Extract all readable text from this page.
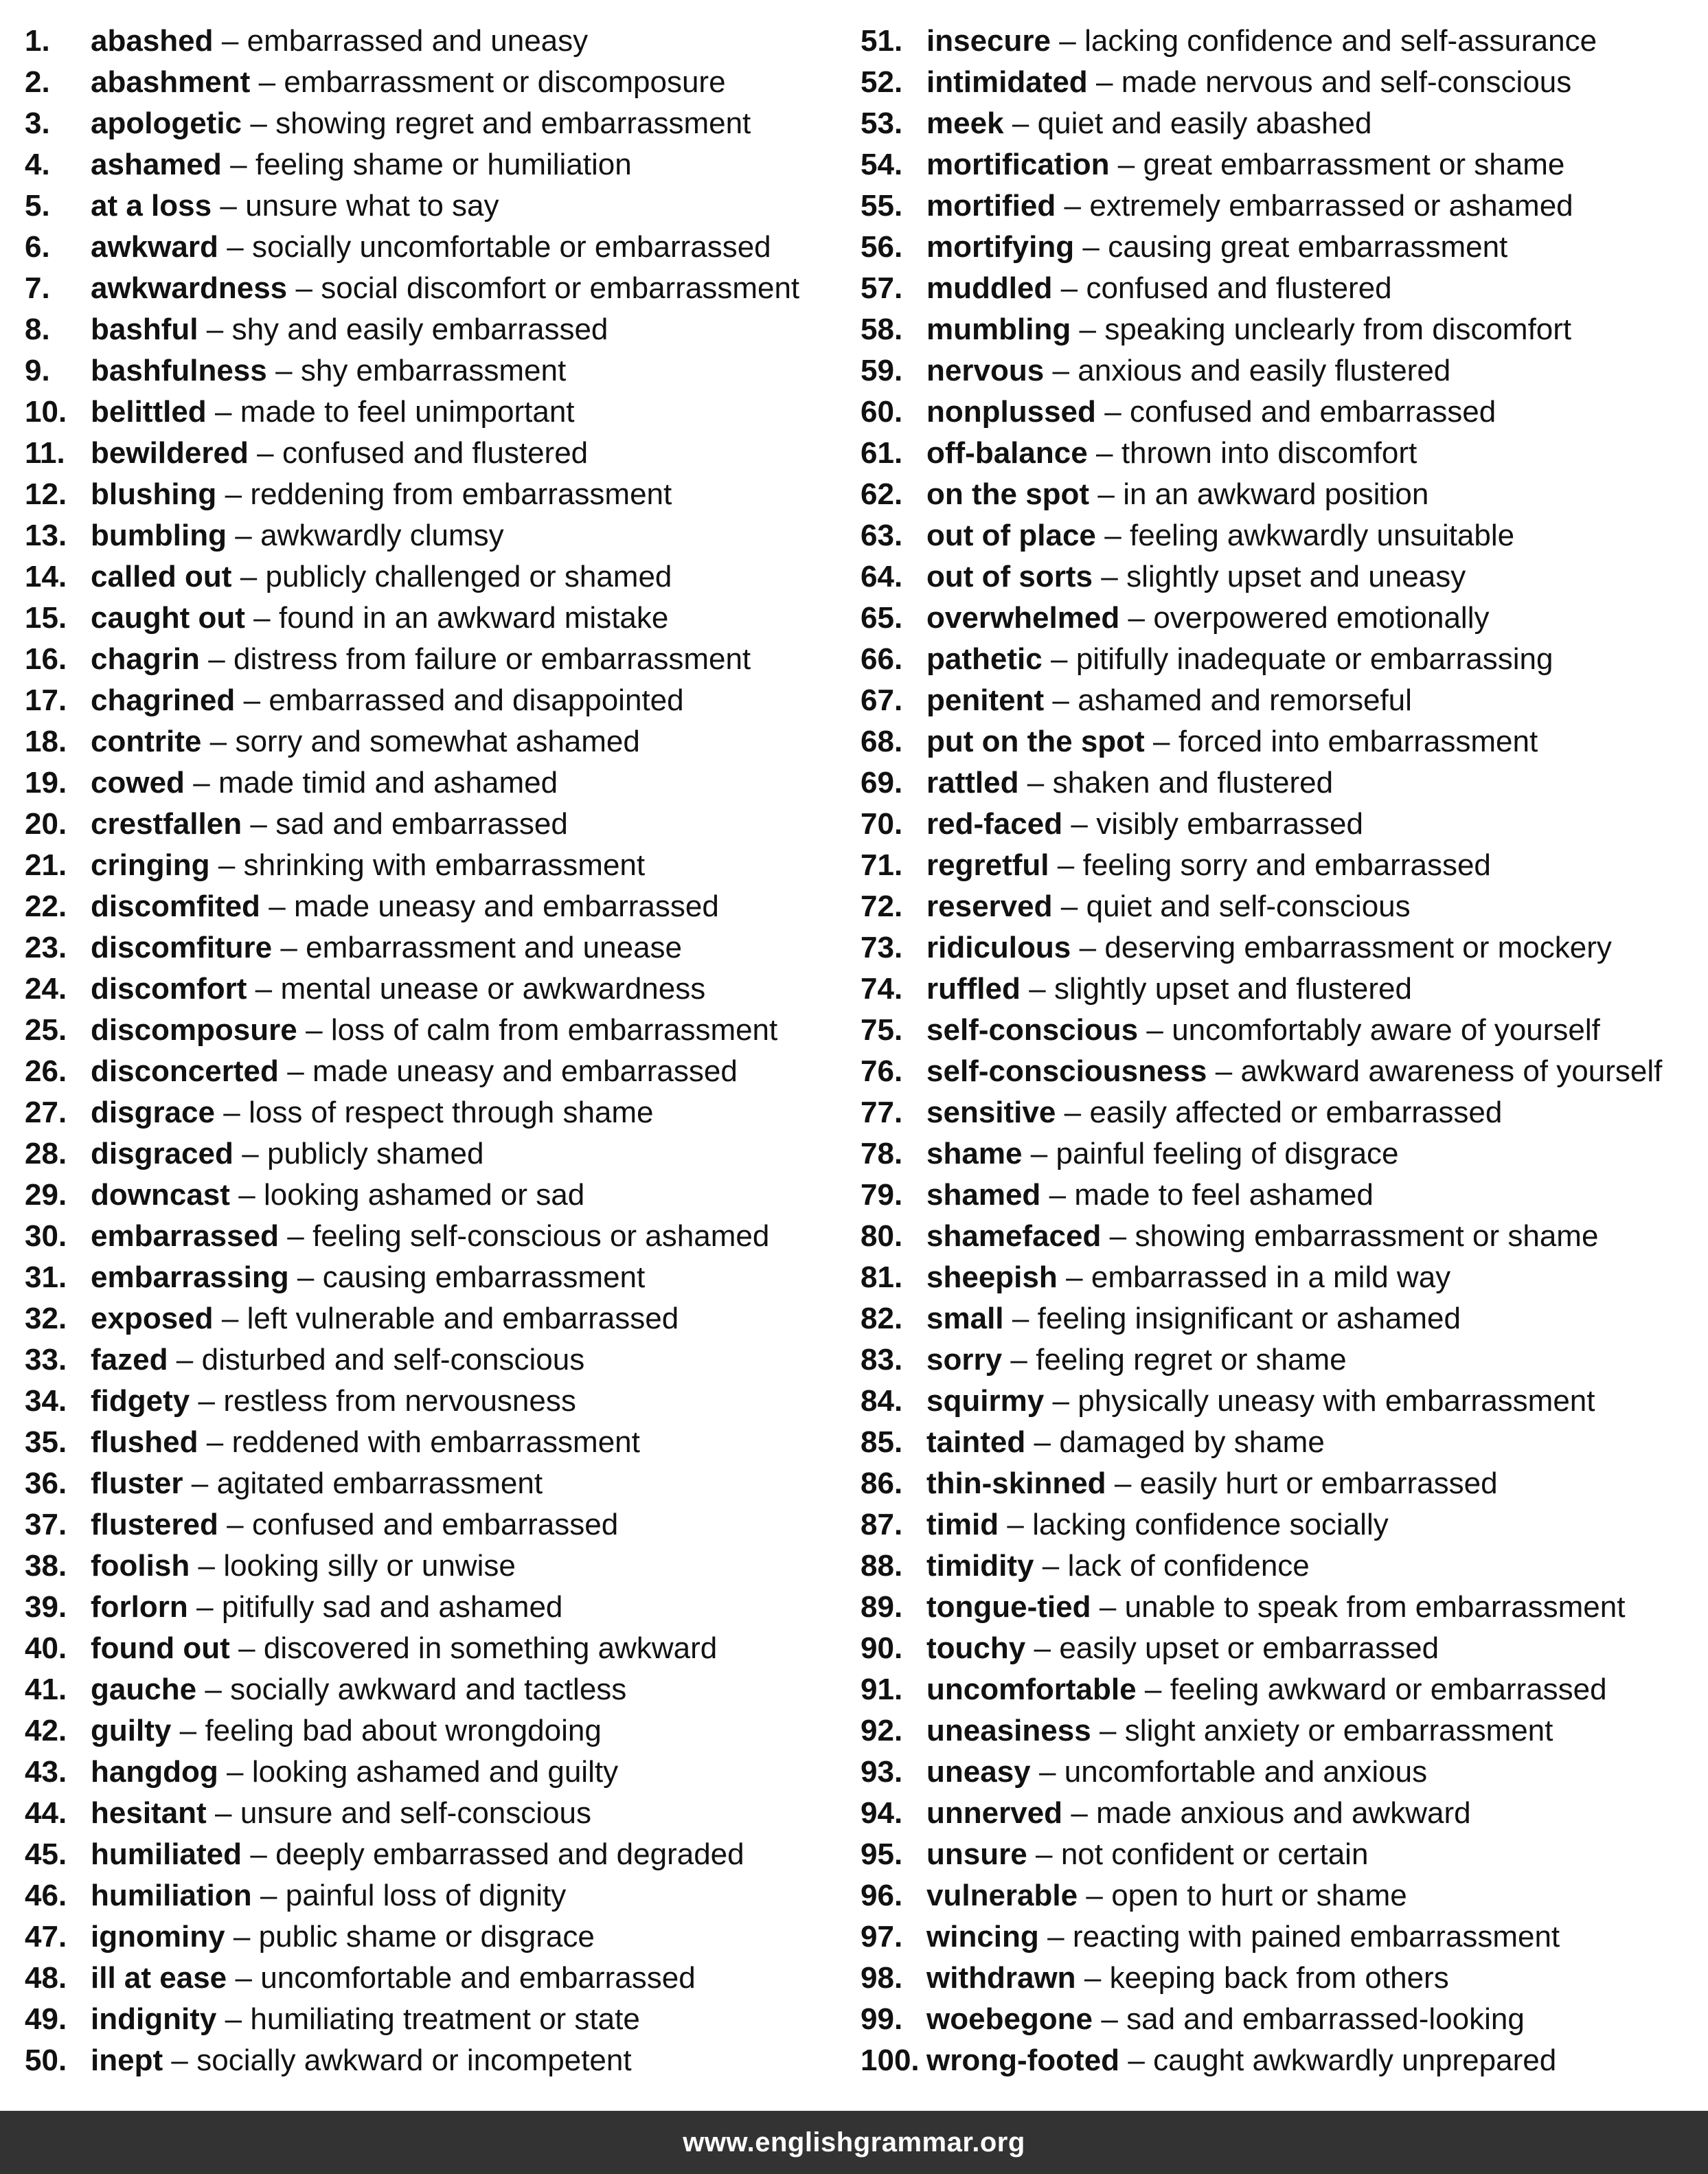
1.	abashed – embarrassed and uneasy
2.	abashment – embarrassment or discomposure
3.	apologetic – showing regret and embarrassment
4.	ashamed – feeling shame or humiliation
5.	at a loss – unsure what to say
6.	awkward – socially uncomfortable or embarrassed
7.	awkwardness – social discomfort or embarrassment
8.	bashful – shy and easily embarrassed
9.	bashfulness – shy embarrassment
10. belittled – made to feel unimportant
11. bewildered – confused and flustered
12. blushing – reddening from embarrassment
13. bumbling – awkwardly clumsy
14. called out – publicly challenged or shamed
15. caught out – found in an awkward mistake
16. chagrin – distress from failure or embarrassment
17. chagrined – embarrassed and disappointed
18. contrite – sorry and somewhat ashamed
19. cowed – made timid and ashamed
20. crestfallen – sad and embarrassed
21. cringing – shrinking with embarrassment
22. discomfited – made uneasy and embarrassed
23. discomfiture – embarrassment and unease
24. discomfort – mental unease or awkwardness
25. discomposure – loss of calm from embarrassment
26. disconcerted – made uneasy and embarrassed
27. disgrace – loss of respect through shame
28. disgraced – publicly shamed
29. downcast – looking ashamed or sad
30. embarrassed – feeling self-conscious or ashamed
31. embarrassing – causing embarrassment
32. exposed – left vulnerable and embarrassed
33. fazed – disturbed and self-conscious
34. fidgety – restless from nervousness
35. flushed – reddened with embarrassment
36. fluster – agitated embarrassment
37. flustered – confused and embarrassed
38. foolish – looking silly or unwise
39. forlorn – pitifully sad and ashamed
40. found out – discovered in something awkward
41. gauche – socially awkward and tactless
42. guilty – feeling bad about wrongdoing
43. hangdog – looking ashamed and guilty
44. hesitant – unsure and self-conscious
45. humiliated – deeply embarrassed and degraded
46. humiliation – painful loss of dignity
47. ignominy – public shame or disgrace
48. ill at ease – uncomfortable and embarrassed
49. indignity – humiliating treatment or state
50. inept – socially awkward or incompetent
51. insecure – lacking confidence and self-assurance
52. intimidated – made nervous and self-conscious
53. meek – quiet and easily abashed
54. mortification – great embarrassment or shame
55. mortified – extremely embarrassed or ashamed
56. mortifying – causing great embarrassment
57. muddled – confused and flustered
58. mumbling – speaking unclearly from discomfort
59. nervous – anxious and easily flustered
60. nonplussed – confused and embarrassed
61. off-balance – thrown into discomfort
62. on the spot – in an awkward position
63. out of place – feeling awkwardly unsuitable
64. out of sorts – slightly upset and uneasy
65. overwhelmed – overpowered emotionally
66. pathetic – pitifully inadequate or embarrassing
67. penitent – ashamed and remorseful
68. put on the spot – forced into embarrassment
69. rattled – shaken and flustered
70. red-faced – visibly embarrassed
71. regretful – feeling sorry and embarrassed
72. reserved – quiet and self-conscious
73. ridiculous – deserving embarrassment or mockery
74. ruffled – slightly upset and flustered
75. self-conscious – uncomfortably aware of yourself
76. self-consciousness – awkward awareness of yourself
77. sensitive – easily affected or embarrassed
78. shame – painful feeling of disgrace
79. shamed – made to feel ashamed
80. shamefaced – showing embarrassment or shame
81. sheepish – embarrassed in a mild way
82. small – feeling insignificant or ashamed
83. sorry – feeling regret or shame
84. squirmy – physically uneasy with embarrassment
85. tainted – damaged by shame
86. thin-skinned – easily hurt or embarrassed
87. timid – lacking confidence socially
88. timidity – lack of confidence
89. tongue-tied – unable to speak from embarrassment
90. touchy – easily upset or embarrassed
91. uncomfortable – feeling awkward or embarrassed
92. uneasiness – slight anxiety or embarrassment
93. uneasy – uncomfortable and anxious
94. unnerved – made anxious and awkward
95. unsure – not confident or certain
96. vulnerable – open to hurt or shame
97. wincing – reacting with pained embarrassment
98. withdrawn – keeping back from others
99. woebegone – sad and embarrassed-looking
100. wrong-footed – caught awkwardly unprepared
www.englishgrammar.org
